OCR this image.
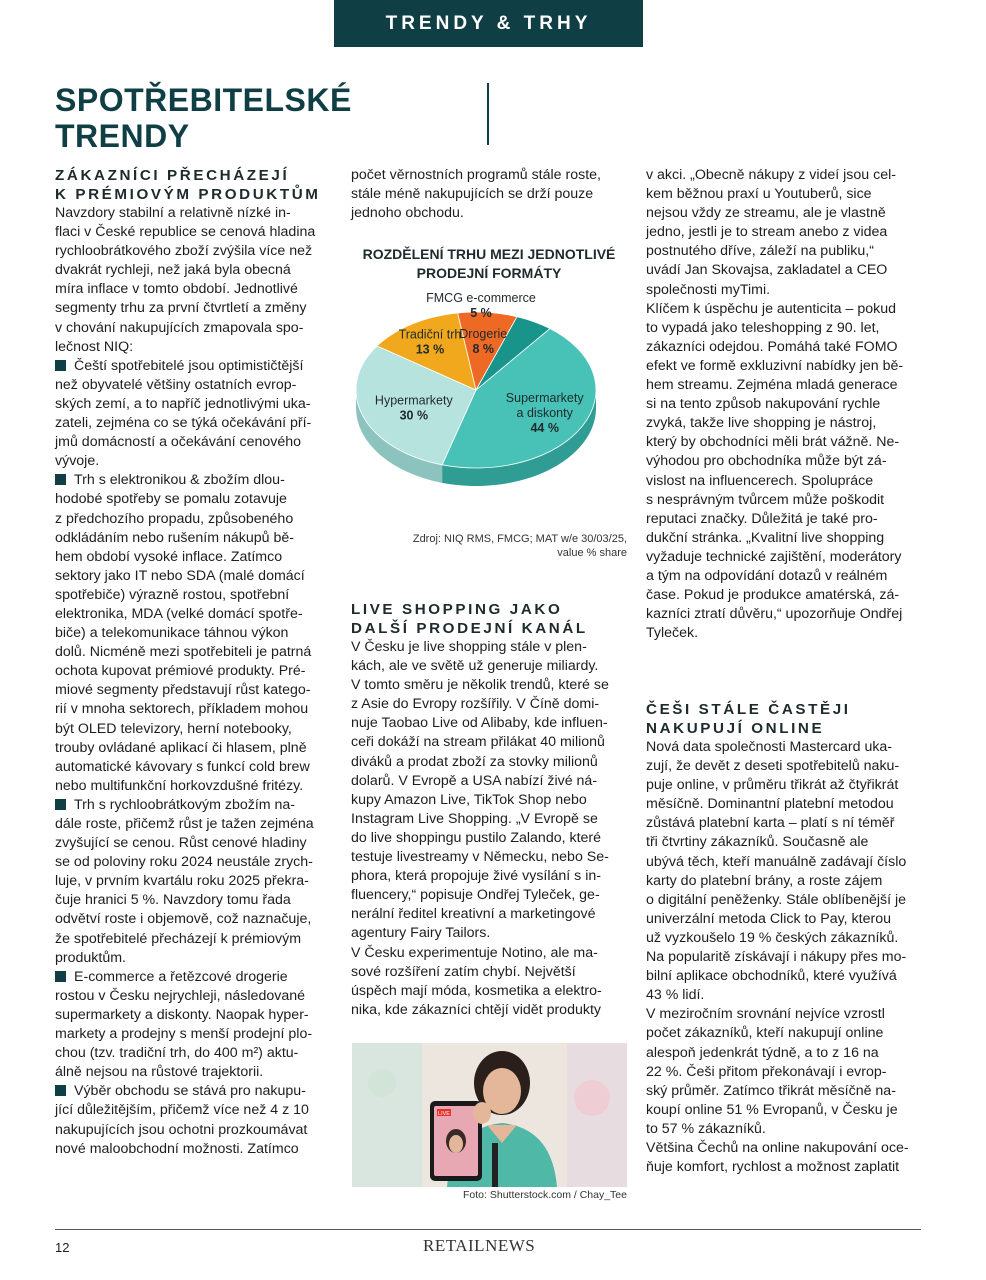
TRENDY & TRHY
SPOTŘEBITELSKÉ
TRENDY
ZÁKAZNÍCI PŘECHÁZEJÍ
K PRÉMIOVÝM PRODUKTŮM
Navzdory stabilní a relativně nízké in-
flaci v České republice se cenová hladina
rychloobrátkového zboží zvýšila více než
dvakrát rychleji, než jaká byla obecná
míra inflace v tomto období. Jednotlivé
segmenty trhu za první čtvrtletí a změny
v chování nakupujících zmapovala spo-
lečnost NIQ:
Čeští spotřebitelé jsou optimističtější
než obyvatelé většiny ostatních evrop-
ských zemí, a to napříč jednotlivými uka-
zateli, zejména co se týká očekávání pří-
jmů domácností a očekávání cenového
vývoje.
Trh s elektronikou & zbožím dlou-
hodobé spotřeby se pomalu zotavuje
z předchozího propadu, způsobeného
odkládáním nebo rušením nákupů bě-
hem období vysoké inflace. Zatímco
sektory jako IT nebo SDA (malé domácí
spotřebiče) výrazně rostou, spotřební
elektronika, MDA (velké domácí spotře-
biče) a telekomunikace táhnou výkon
dolů. Nicméně mezi spotřebiteli je patrná
ochota kupovat prémiové produkty. Pré-
miové segmenty představují růst katego-
rií v mnoha sektorech, příkladem mohou
být OLED televizory, herní notebooky,
trouby ovládané aplikací či hlasem, plně
automatické kávovary s funkcí cold brew
nebo multifunkční horkovzdušné fritézy.
Trh s rychloobrátkovým zbožím na-
dále roste, přičemž růst je tažen zejména
zvyšující se cenou. Růst cenové hladiny
se od poloviny roku 2024 neustále zrych-
luje, v prvním kvartálu roku 2025 překra-
čuje hranici 5 %. Navzdory tomu řada
odvětví roste i objemově, což naznačuje,
že spotřebitelé přecházejí k prémiovým
produktům.
E-commerce a řetězcové drogerie
rostou v Česku nejrychleji, následované
supermarkety a diskonty. Naopak hyper-
markety a prodejny s menší prodejní plo-
chou (tzv. tradiční trh, do 400 m²) aktu-
álně nejsou na růstové trajektorii.
Výběr obchodu se stává pro nakupu-
jící důležitějším, přičemž více než 4 z 10
nakupujících jsou ochotni prozkoumávat
nové maloobchodní možnosti. Zatímco
počet věrnostních programů stále roste,
stále méně nakupujících se drží pouze
jednoho obchodu.
ROZDĚLENÍ TRHU MEZI JEDNOTLIVÉ
PRODEJNÍ FORMÁTY
Supermarkety
a diskonty
44 %
Hypermarkety
30 %
Tradiční trh
13 %
Drogerie
8 %
FMCG e-commerce
5 %
Zdroj: NIQ RMS, FMCG; MAT w/e 30/03/25,
value % share
LIVE SHOPPING JAKO
DALŠÍ PRODEJNÍ KANÁL
V Česku je live shopping stále v plen-
kách, ale ve světě už generuje miliardy.
V tomto směru je několik trendů, které se
z Asie do Evropy rozšířily. V Číně domi-
nuje Taobao Live od Alibaby, kde influen-
ceři dokáží na stream přilákat 40 milionů
diváků a prodat zboží za stovky milionů
dolarů. V Evropě a USA nabízí živé ná-
kupy Amazon Live, TikTok Shop nebo
Instagram Live Shopping. „V Evropě se
do live shoppingu pustilo Zalando, které
testuje livestreamy v Německu, nebo Se-
phora, která propojuje živé vysílání s in-
fluencery,“ popisuje Ondřej Tyleček, ge-
nerální ředitel kreativní a marketingové
agentury Fairy Tailors.
V Česku experimentuje Notino, ale ma-
sové rozšíření zatím chybí. Největší
úspěch mají móda, kosmetika a elektro-
nika, kde zákazníci chtějí vidět produkty
LIVE
Foto: Shutterstock.com / Chay_Tee
v akci. „Obecně nákupy z videí jsou cel-
kem běžnou praxí u Youtuberů, sice
nejsou vždy ze streamu, ale je vlastně
jedno, jestli je to stream anebo z videa
postnutého dříve, záleží na publiku,“
uvádí Jan Skovajsa, zakladatel a CEO
společnosti myTimi.
Klíčem k úspěchu je autenticita – pokud
to vypadá jako teleshopping z 90. let,
zákazníci odejdou. Pomáhá také FOMO
efekt ve formě exkluzivní nabídky jen bě-
hem streamu. Zejména mladá generace
si na tento způsob nakupování rychle
zvyká, takže live shopping je nástroj,
který by obchodníci měli brát vážně. Ne-
výhodou pro obchodníka může být zá-
vislost na influencerech. Spolupráce
s nesprávným tvůrcem může poškodit
reputaci značky. Důležitá je také pro-
dukční stránka. „Kvalitní live shopping
vyžaduje technické zajištění, moderátory
a tým na odpovídání dotazů v reálném
čase. Pokud je produkce amatérská, zá-
kazníci ztratí důvěru,“ upozorňuje Ondřej
Tyleček.
ČEŠI STÁLE ČASTĚJI
NAKUPUJÍ ONLINE
Nová data společnosti Mastercard uka-
zují, že devět z deseti spotřebitelů naku-
puje online, v průměru třikrát až čtyřikrát
měsíčně. Dominantní platební metodou
zůstává platební karta – platí s ní téměř
tři čtvrtiny zákazníků. Současně ale
ubývá těch, kteří manuálně zadávají číslo
karty do platební brány, a roste zájem
o digitální peněženky. Stále oblíbenější je
univerzální metoda Click to Pay, kterou
už vyzkoušelo 19 % českých zákazníků.
Na popularitě získávají i nákupy přes mo-
bilní aplikace obchodníků, které využívá
43 % lidí.
V meziročním srovnání nejvíce vzrostl
počet zákazníků, kteří nakupují online
alespoň jedenkrát týdně, a to z 16 na
22 %. Češi přitom překonávají i evrop-
ský průměr. Zatímco třikrát měsíčně na-
koupí online 51 % Evropanů, v Česku je
to 57 % zákazníků.
Většina Čechů na online nakupování oce-
ňuje komfort, rychlost a možnost zaplatit
12	RETAILNEWS
